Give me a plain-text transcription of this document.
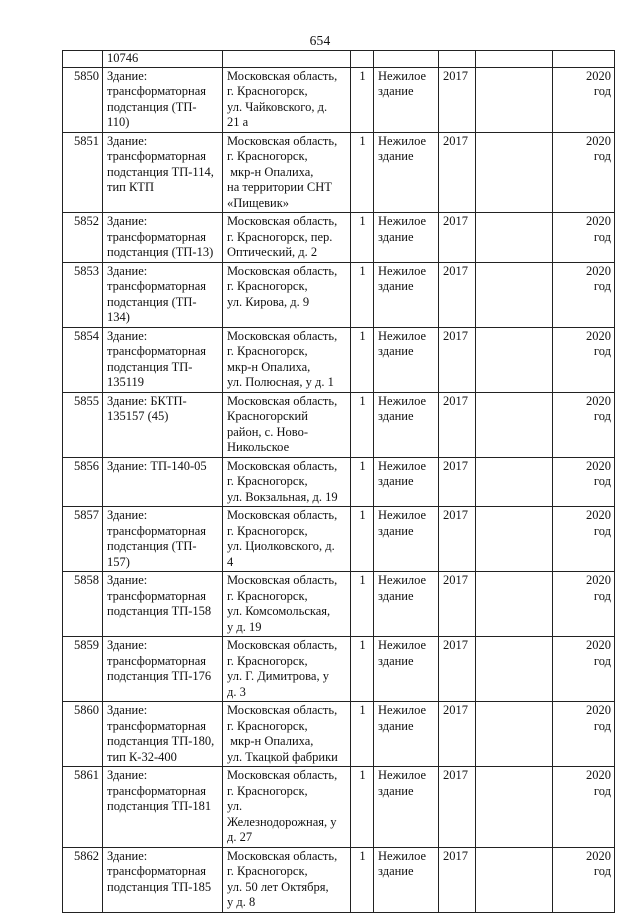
654

	10746						

5850	Здание:
трансформаторная
подстанция (ТП-
110)	Московская область,
г. Красногорск,
ул. Чайковского, д.
21 а	1	Нежилое
здание	2017		2020
год

5851	Здание:
трансформаторная
подстанция ТП-114,
тип КТП	Московская область,
г. Красногорск,
мкр-н Опалиха,
на территории СНТ
«Пищевик»	1	Нежилое
здание	2017		2020
год

5852	Здание:
трансформаторная
подстанция (ТП-13)	Московская область,
г. Красногорск, пер.
Оптический, д. 2	1	Нежилое
здание	2017		2020
год

5853	Здание:
трансформаторная
подстанция (ТП-
134)	Московская область,
г. Красногорск,
ул. Кирова, д. 9	1	Нежилое
здание	2017		2020
год

5854	Здание:
трансформаторная
подстанция ТП-
135119	Московская область,
г. Красногорск,
мкр-н Опалиха,
ул. Полюсная, у д. 1	1	Нежилое
здание	2017		2020
год

5855	Здание: БКТП-
135157 (45)	Московская область,
Красногорский
район, с. Ново-
Никольское	1	Нежилое
здание	2017		2020
год

5856	Здание: ТП-140-05	Московская область,
г. Красногорск,
ул. Вокзальная, д. 19	1	Нежилое
здание	2017		2020
год

5857	Здание:
трансформаторная
подстанция (ТП-
157)	Московская область,
г. Красногорск,
ул. Циолковского, д.
4	1	Нежилое
здание	2017		2020
год

5858	Здание:
трансформаторная
подстанция ТП-158	Московская область,
г. Красногорск,
ул. Комсомольская,
у д. 19	1	Нежилое
здание	2017		2020
год

5859	Здание:
трансформаторная
подстанция ТП-176	Московская область,
г. Красногорск,
ул. Г. Димитрова, у
д. 3	1	Нежилое
здание	2017		2020
год

5860	Здание:
трансформаторная
подстанция ТП-180,
тип К-32-400	Московская область,
г. Красногорск,
мкр-н Опалиха,
ул. Ткацкой фабрики	1	Нежилое
здание	2017		2020
год

5861	Здание:
трансформаторная
подстанция ТП-181	Московская область,
г. Красногорск,
ул.
Железнодорожная, у
д. 27	1	Нежилое
здание	2017		2020
год

5862	Здание:
трансформаторная
подстанция ТП-185	Московская область,
г. Красногорск,
ул. 50 лет Октября,
у д. 8	1	Нежилое
здание	2017		2020
год
